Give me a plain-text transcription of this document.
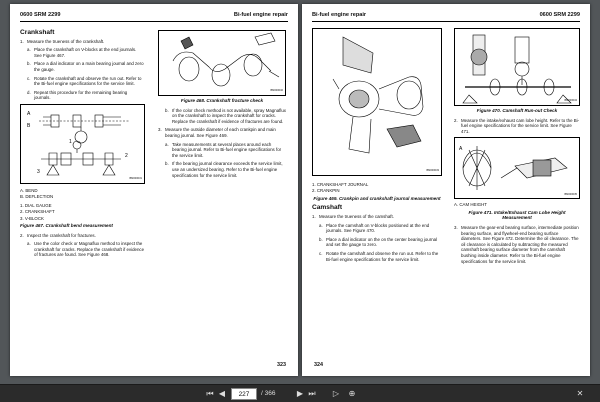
0600 SRM 2299	Bi-fuel engine repair
Crankshaft
1. Measure the trueness of the crankshaft.
a. Place the crankshaft on V-blocks at the end journals. See Figure 467.
b. Place a dial indicator on a main bearing journal and zero the gauge.
c. Rotate the crankshaft and observe the run out. Refer to the Bi-fuel engine specifications for the service limit.
d. Repeat this procedure for the remaining bearing journals.
A
B
1
2
3
BM000031
A. BEND
B. DEFLECTION
1. DIAL GAUGE
2. CRANKSHAFT
3. V-BLOCK
Figure 467. Crankshaft bend measurement
2. Inspect the crankshaft for fractures.
a. Use the color check or Magnaflux method to inspect the crankshaft for cracks. Replace the crankshaft if evidence of fractures are found. See Figure 468.
BM000032
Figure 468. Crankshaft fracture check
b. If the color check method is not available, spray Magnaflux on the crankshaft to inspect the crankshaft for cracks. Replace the crankshaft if evidence of fractures are found.
3. Measure the outside diameter of each crankpin and main bearing journal. See Figure 469.
a. Take measurements at several places around each bearing journal. Refer to Bi-fuel engine specifications for the service limit.
b. If the bearing journal clearance exceeds the service limit, use an undersized bearing. Refer to the Bi-fuel engine specifications for the service limit.
323
Bi-fuel engine repair	0600 SRM 2299
BM000033
1. CRANKSHAFT JOURNAL
2. CRANKPIN
Figure 469. Crankpin and crankshaft journal measurement
Camshaft
1. Measure the trueness of the camshaft.
a. Place the camshaft on V-blocks positioned at the end journals. See Figure 470.
b. Place a dial indicator on the on the center bearing journal and set the gauge to zero.
c. Rotate the camshaft and observe the run out. Refer to the Bi-fuel engine specifications for the service limit.
BM000034
Figure 470. Camshaft Run-out Check
2. Measure the intake/exhaust cam lobe height. Refer to the Bi-fuel engine specifications for the service limit. See Figure 471.
A
BM000035
A. CAM HEIGHT
Figure 471. Intake/Exhaust Cam Lobe Height Measurement
3. Measure the gear-end bearing surface, intermediate position bearing surface, and flywheel-end bearing surface diameters. See Figure 472. Determine the oil clearance. The oil clearance is calculated by subtracting the measured camshaft bearing surface diameter from the camshaft bushing inside diameter. Refer to the Bi-fuel engine specifications for the service limit.
324
⏮ ◀	227	/ 366	▶ ⏭	▷	⊕	✕
